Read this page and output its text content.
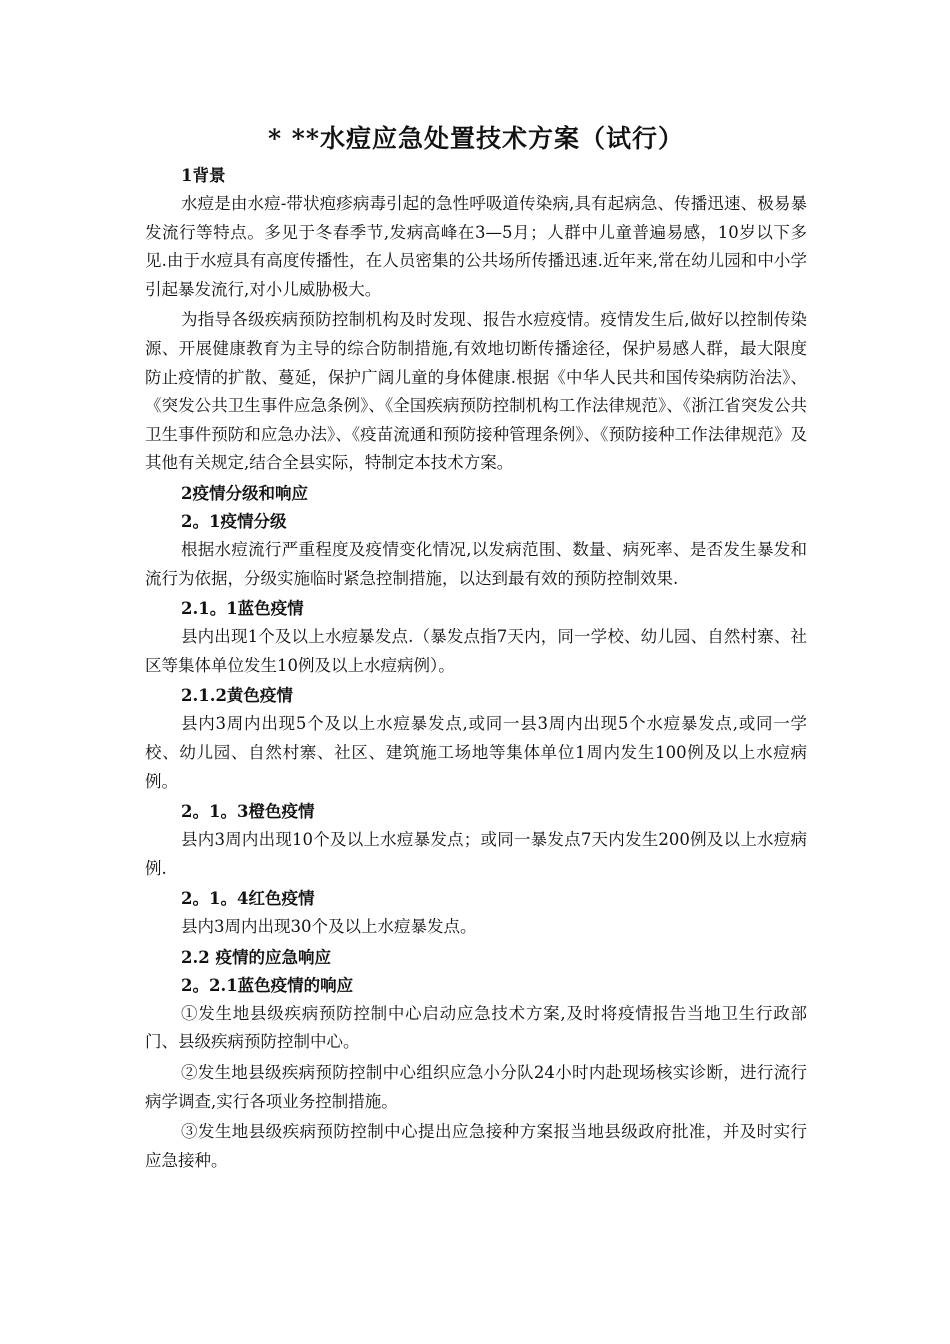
* **水痘应急处置技术方案（试行）
1背景
水痘是由水痘-带状疱疹病毒引起的急性呼吸道传染病,具有起病急、传播迅速、极易暴发流行等特点。多见于冬春季节,发病高峰在3—5月；人群中儿童普遍易感，10岁以下多见.由于水痘具有高度传播性，在人员密集的公共场所传播迅速.近年来,常在幼儿园和中小学引起暴发流行,对小儿威胁极大。
为指导各级疾病预防控制机构及时发现、报告水痘疫情。疫情发生后,做好以控制传染源、开展健康教育为主导的综合防制措施,有效地切断传播途径，保护易感人群，最大限度防止疫情的扩散、蔓延，保护广阔儿童的身体健康.根据《中华人民共和国传染病防治法》、《突发公共卫生事件应急条例》、《全国疾病预防控制机构工作法律规范》、《浙江省突发公共卫生事件预防和应急办法》、《疫苗流通和预防接种管理条例》、《预防接种工作法律规范》及其他有关规定,结合全县实际，特制定本技术方案。
2疫情分级和响应
2。1疫情分级
根据水痘流行严重程度及疫情变化情况,以发病范围、数量、病死率、是否发生暴发和流行为依据，分级实施临时紧急控制措施，以达到最有效的预防控制效果.
2.1。1蓝色疫情
县内出现1个及以上水痘暴发点.（暴发点指7天内，同一学校、幼儿园、自然村寨、社区等集体单位发生10例及以上水痘病例）。
2.1.2黄色疫情
县内3周内出现5个及以上水痘暴发点,或同一县3周内出现5个水痘暴发点,或同一学校、幼儿园、自然村寨、社区、建筑施工场地等集体单位1周内发生100例及以上水痘病例。
2。1。3橙色疫情
县内3周内出现10个及以上水痘暴发点；或同一暴发点7天内发生200例及以上水痘病例.
2。1。4红色疫情
县内3周内出现30个及以上水痘暴发点。
2.2 疫情的应急响应
2。2.1蓝色疫情的响应
①发生地县级疾病预防控制中心启动应急技术方案,及时将疫情报告当地卫生行政部门、县级疾病预防控制中心。
②发生地县级疾病预防控制中心组织应急小分队24小时内赴现场核实诊断，进行流行病学调查,实行各项业务控制措施。
③发生地县级疾病预防控制中心提出应急接种方案报当地县级政府批准，并及时实行应急接种。
